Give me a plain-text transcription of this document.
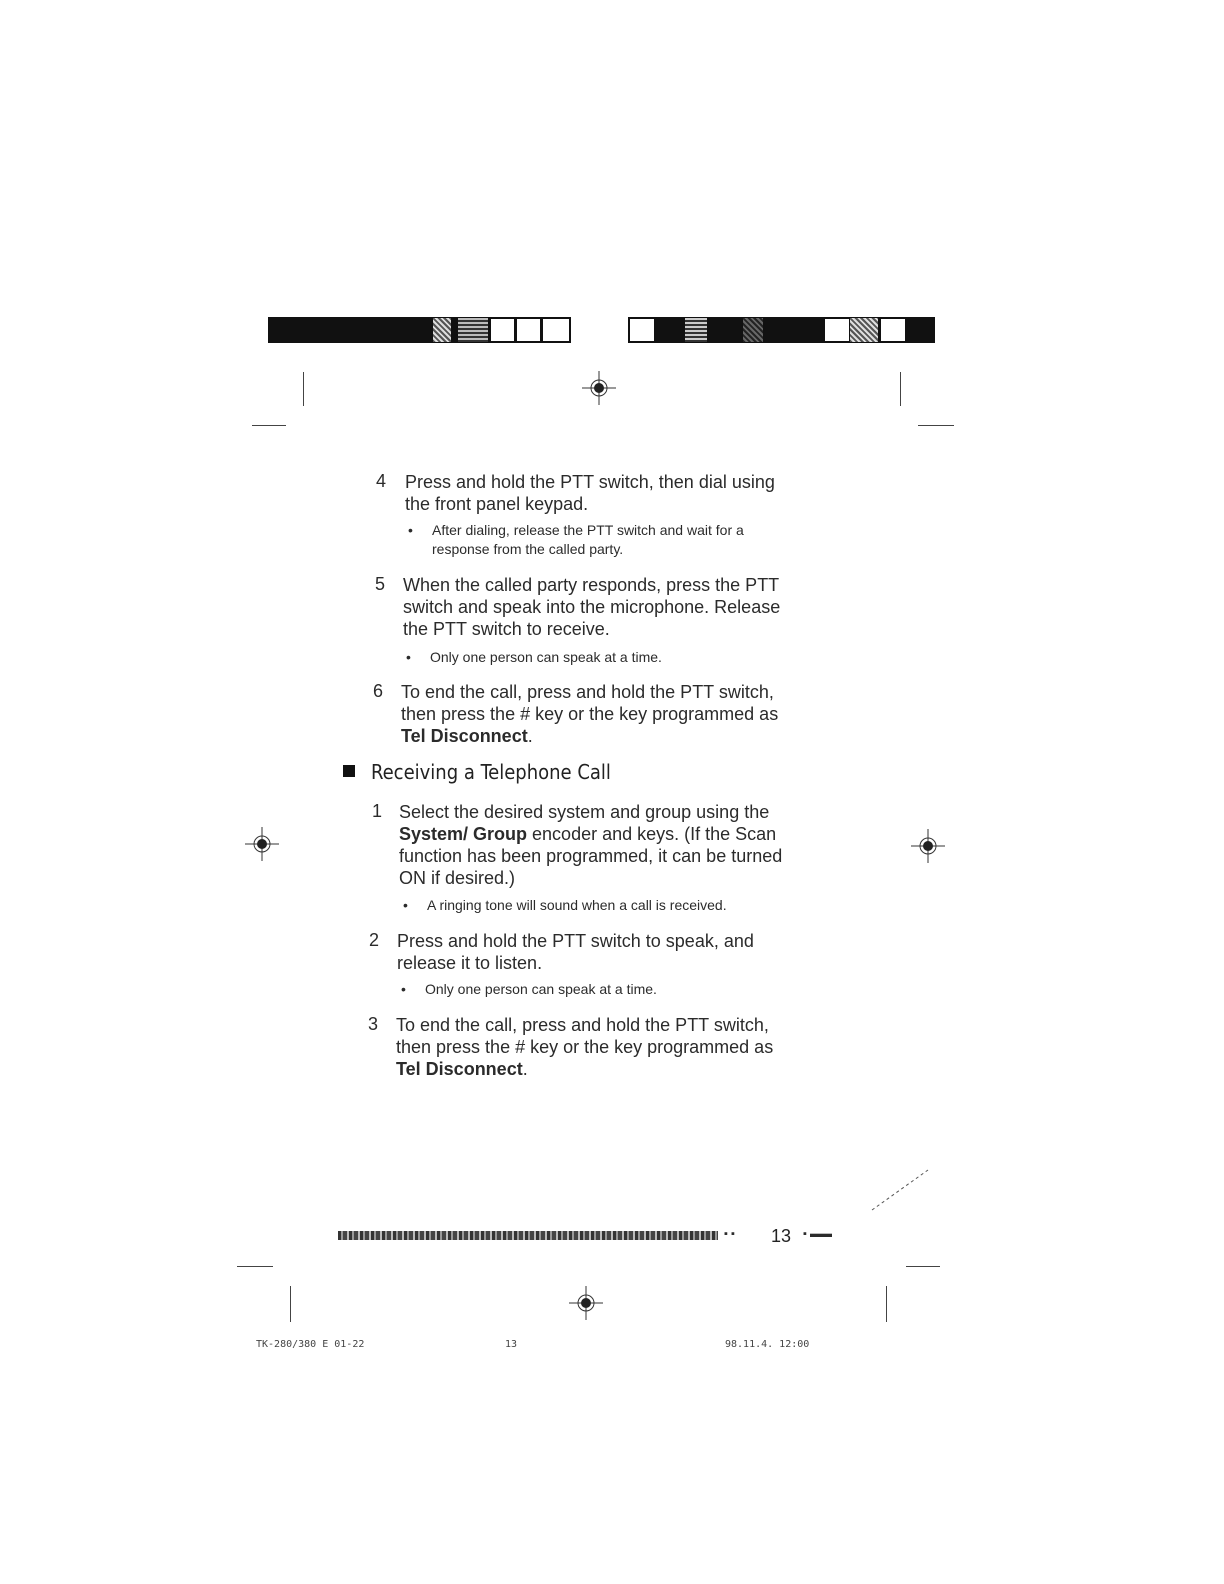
4 Press and hold the PTT switch, then dial using
the front panel keypad.
• After dialing, release the PTT switch and wait for a
response from the called party.
5 When the called party responds, press the PTT
switch and speak into the microphone. Release
the PTT switch to receive.
• Only one person can speak at a time.
6 To end the call, press and hold the PTT switch,
then press the # key or the key programmed as
Tel Disconnect.
Receiving a Telephone Call
1 Select the desired system and group using the
System/ Group encoder and keys. (If the Scan
function has been programmed, it can be turned
ON if desired.)
• A ringing tone will sound when a call is received.
2 Press and hold the PTT switch to speak, and
release it to listen.
• Only one person can speak at a time.
3 To end the call, press and hold the PTT switch,
then press the # key or the key programmed as
Tel Disconnect.
▪ ▪ 13 ▪ ▬▬
TK-280/380 E 01-22	13	98.11.4. 12:00
